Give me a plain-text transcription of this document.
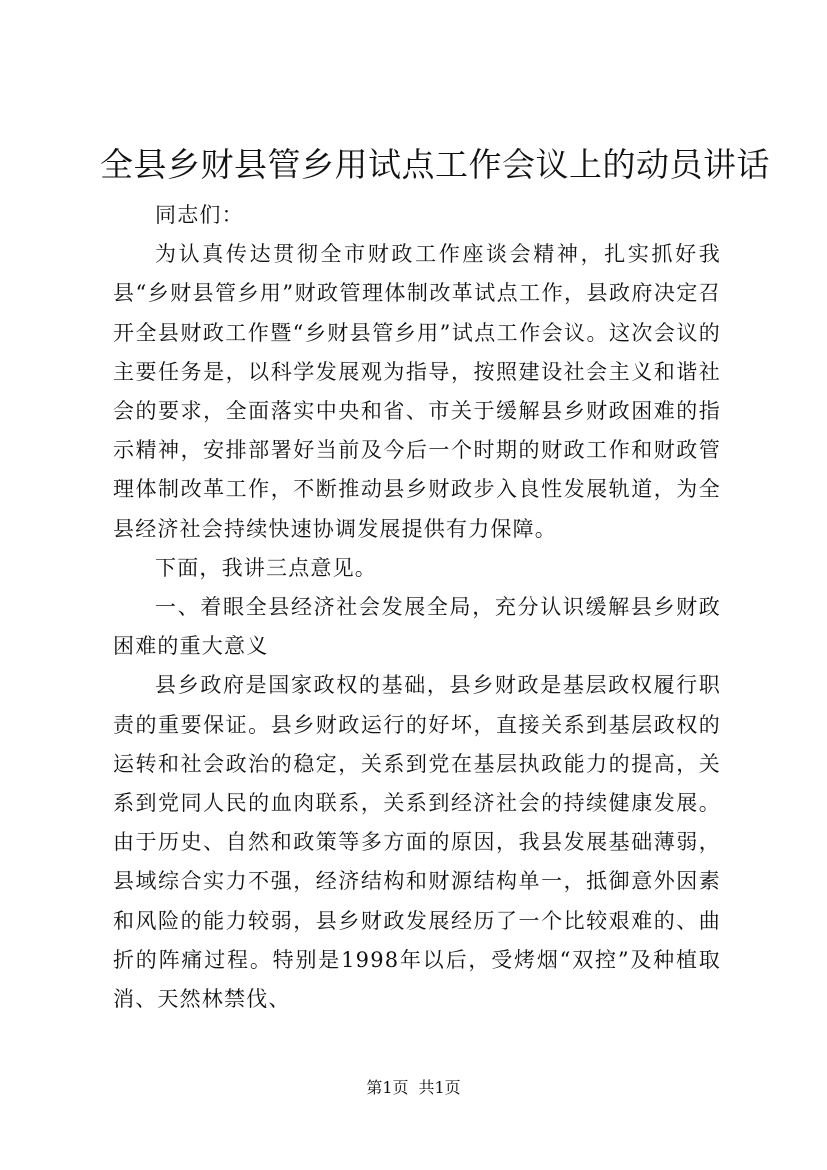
全县乡财县管乡用试点工作会议上的动员讲话

同志们：

为认真传达贯彻全市财政工作座谈会精神，扎实抓好我县“乡财县管乡用”财政管理体制改革试点工作，县政府决定召开全县财政工作暨“乡财县管乡用”试点工作会议。这次会议的主要任务是，以科学发展观为指导，按照建设社会主义和谐社会的要求，全面落实中央和省、市关于缓解县乡财政困难的指示精神，安排部署好当前及今后一个时期的财政工作和财政管理体制改革工作，不断推动县乡财政步入良性发展轨道，为全县经济社会持续快速协调发展提供有力保障。

下面，我讲三点意见。

一、着眼全县经济社会发展全局，充分认识缓解县乡财政困难的重大意义

县乡政府是国家政权的基础，县乡财政是基层政权履行职责的重要保证。县乡财政运行的好坏，直接关系到基层政权的运转和社会政治的稳定，关系到党在基层执政能力的提高，关系到党同人民的血肉联系，关系到经济社会的持续健康发展。由于历史、自然和政策等多方面的原因，我县发展基础薄弱，县域综合实力不强，经济结构和财源结构单一，抵御意外因素和风险的能力较弱，县乡财政发展经历了一个比较艰难的、曲折的阵痛过程。特别是1998年以后，受烤烟“双控”及种植取消、天然林禁伐、

第1页 共1页
